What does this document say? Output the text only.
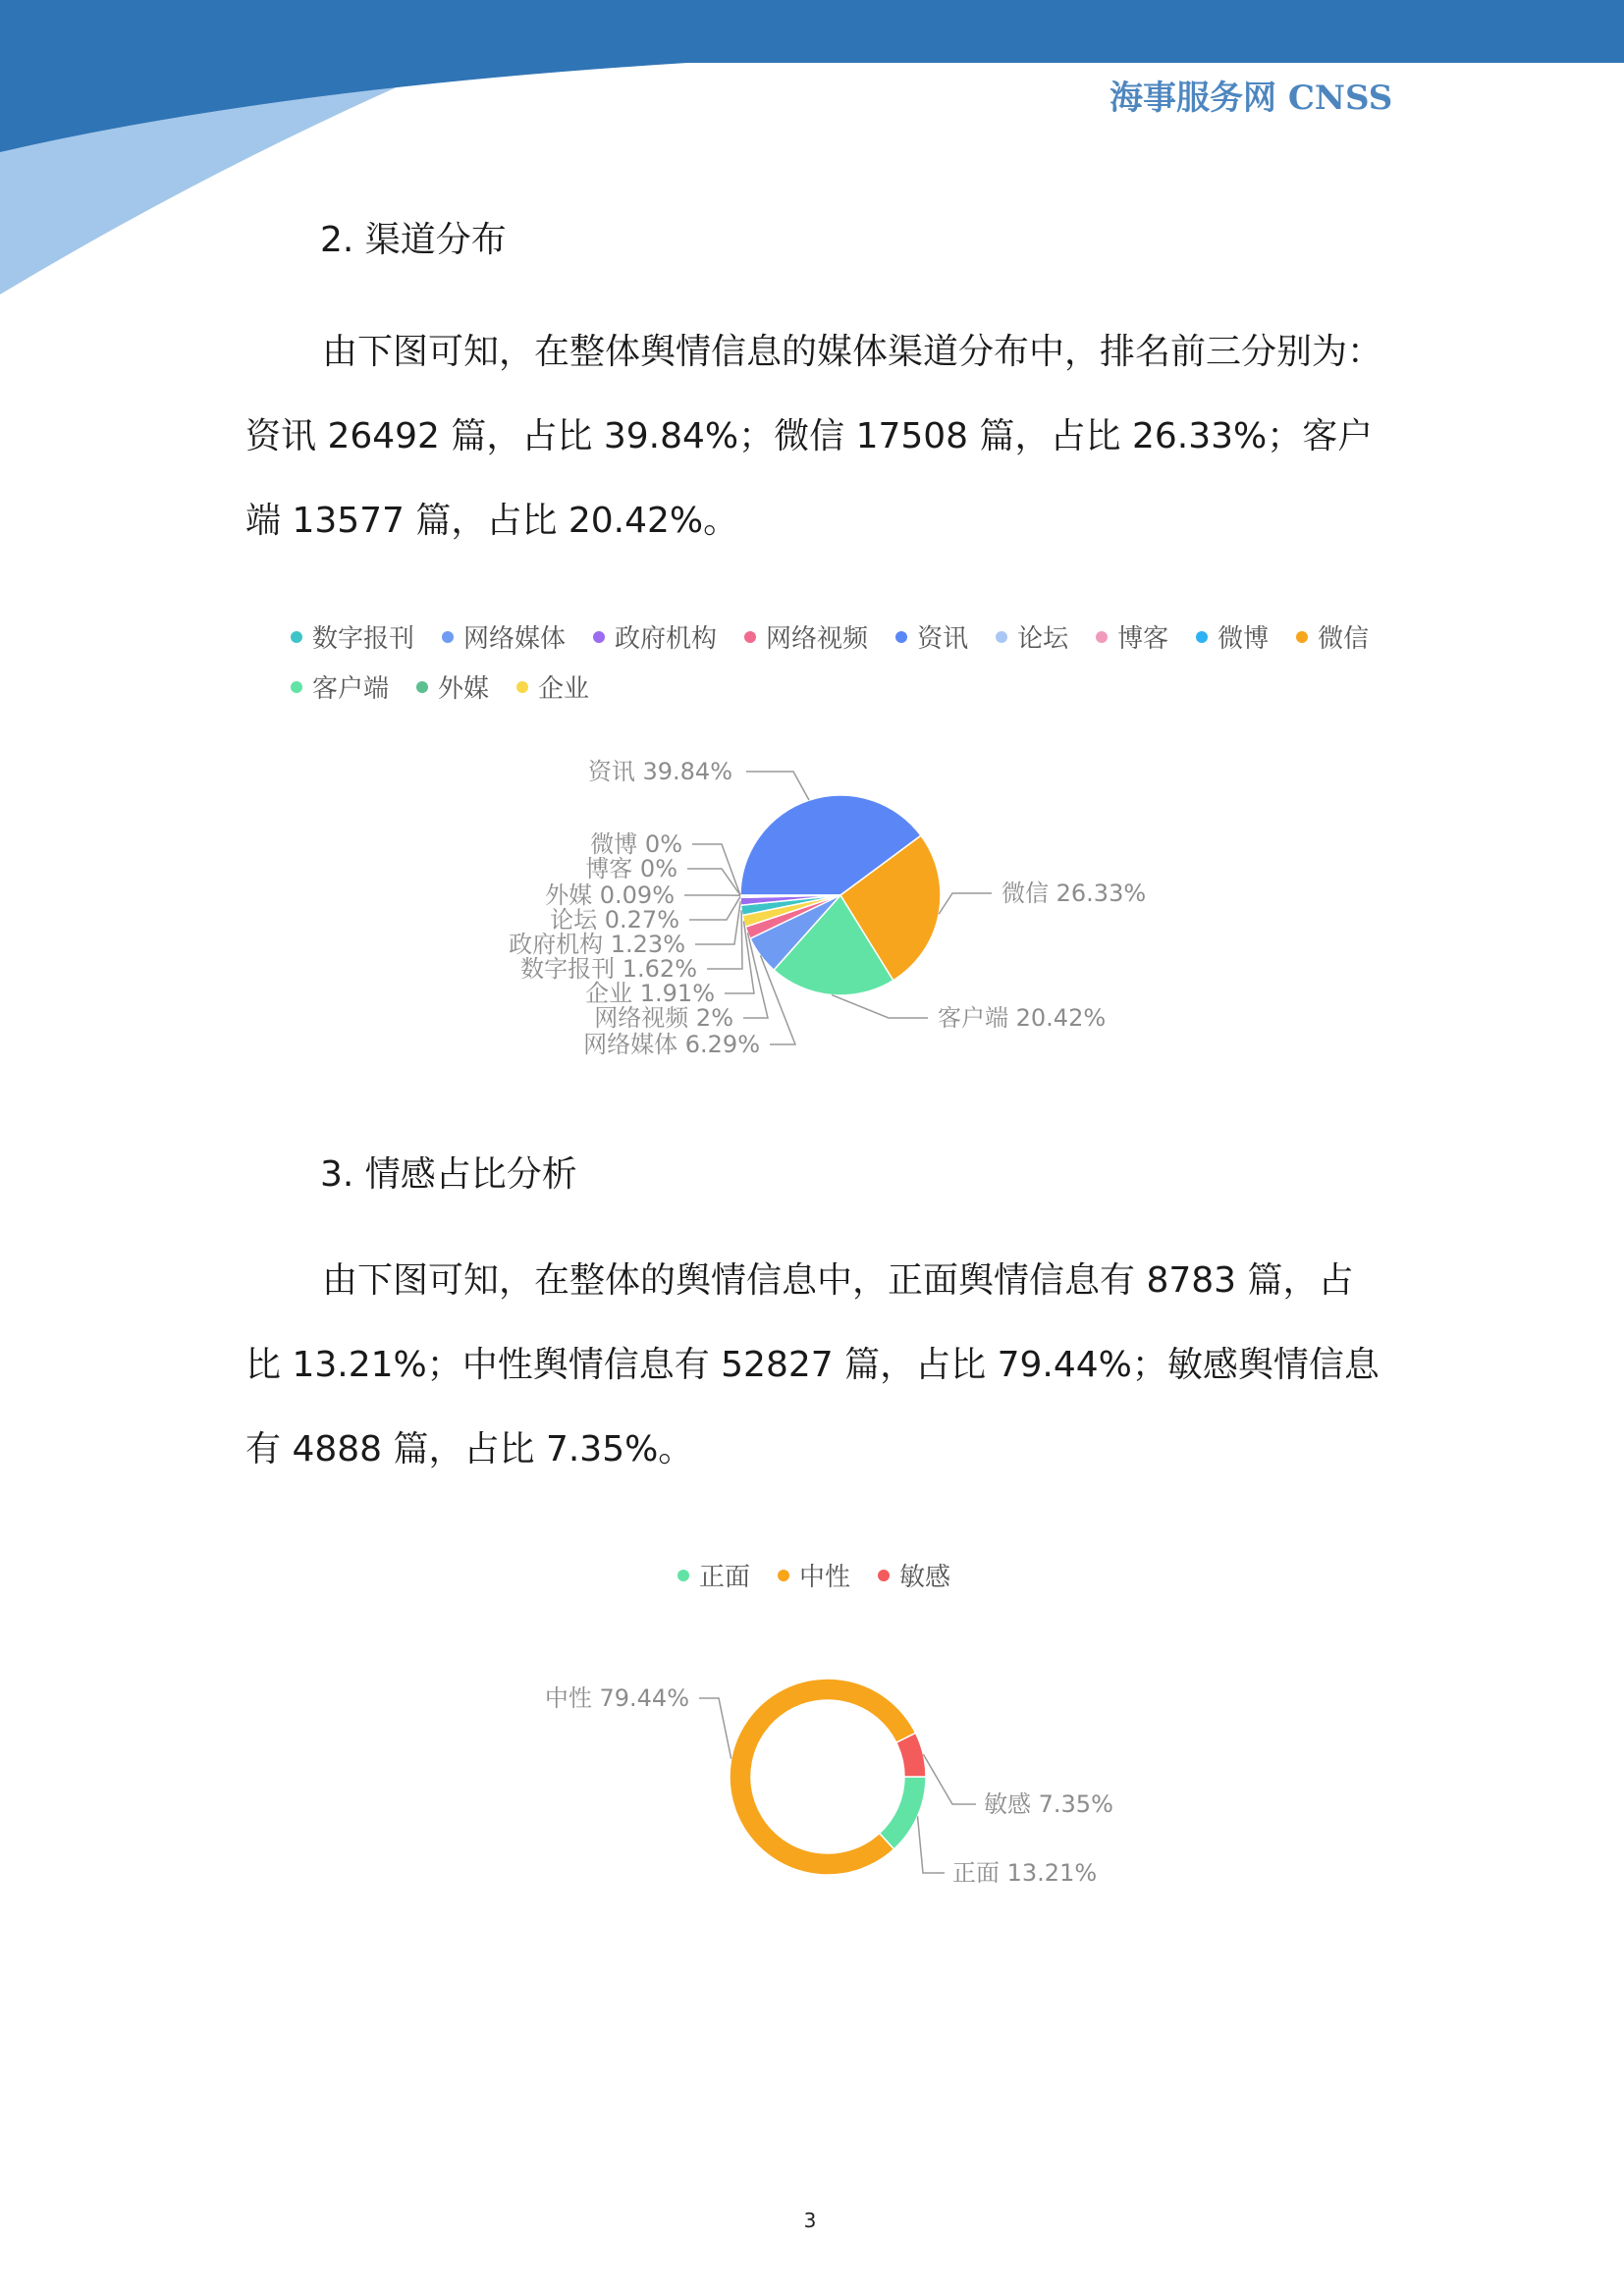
海事服务网 CNSS
2. 渠道分布

由下图可知，在整体舆情信息的媒体渠道分布中，排名前三分别为：资讯 26492 篇，占比 39.84%；微信 17508 篇，占比 26.33%；客户端 13577 篇，占比 20.42%。

数字报刊 网络媒体 政府机构 网络视频 资讯 论坛 博客 微博 微信
客户端 外媒 企业
资讯 39.84%
微信 26.33%
客户端 20.42%
微博 0%
博客 0%
外媒 0.09%
论坛 0.27%
政府机构 1.23%
数字报刊 1.62%
企业 1.91%
网络视频 2%
网络媒体 6.29%
3. 情感占比分析

由下图可知，在整体的舆情信息中，正面舆情信息有 8783 篇，占比 13.21%；中性舆情信息有 52827 篇，占比 79.44%；敏感舆情信息有 4888 篇，占比 7.35%。

正面 中性 敏感
中性 79.44%
敏感 7.35%
正面 13.21%
3
